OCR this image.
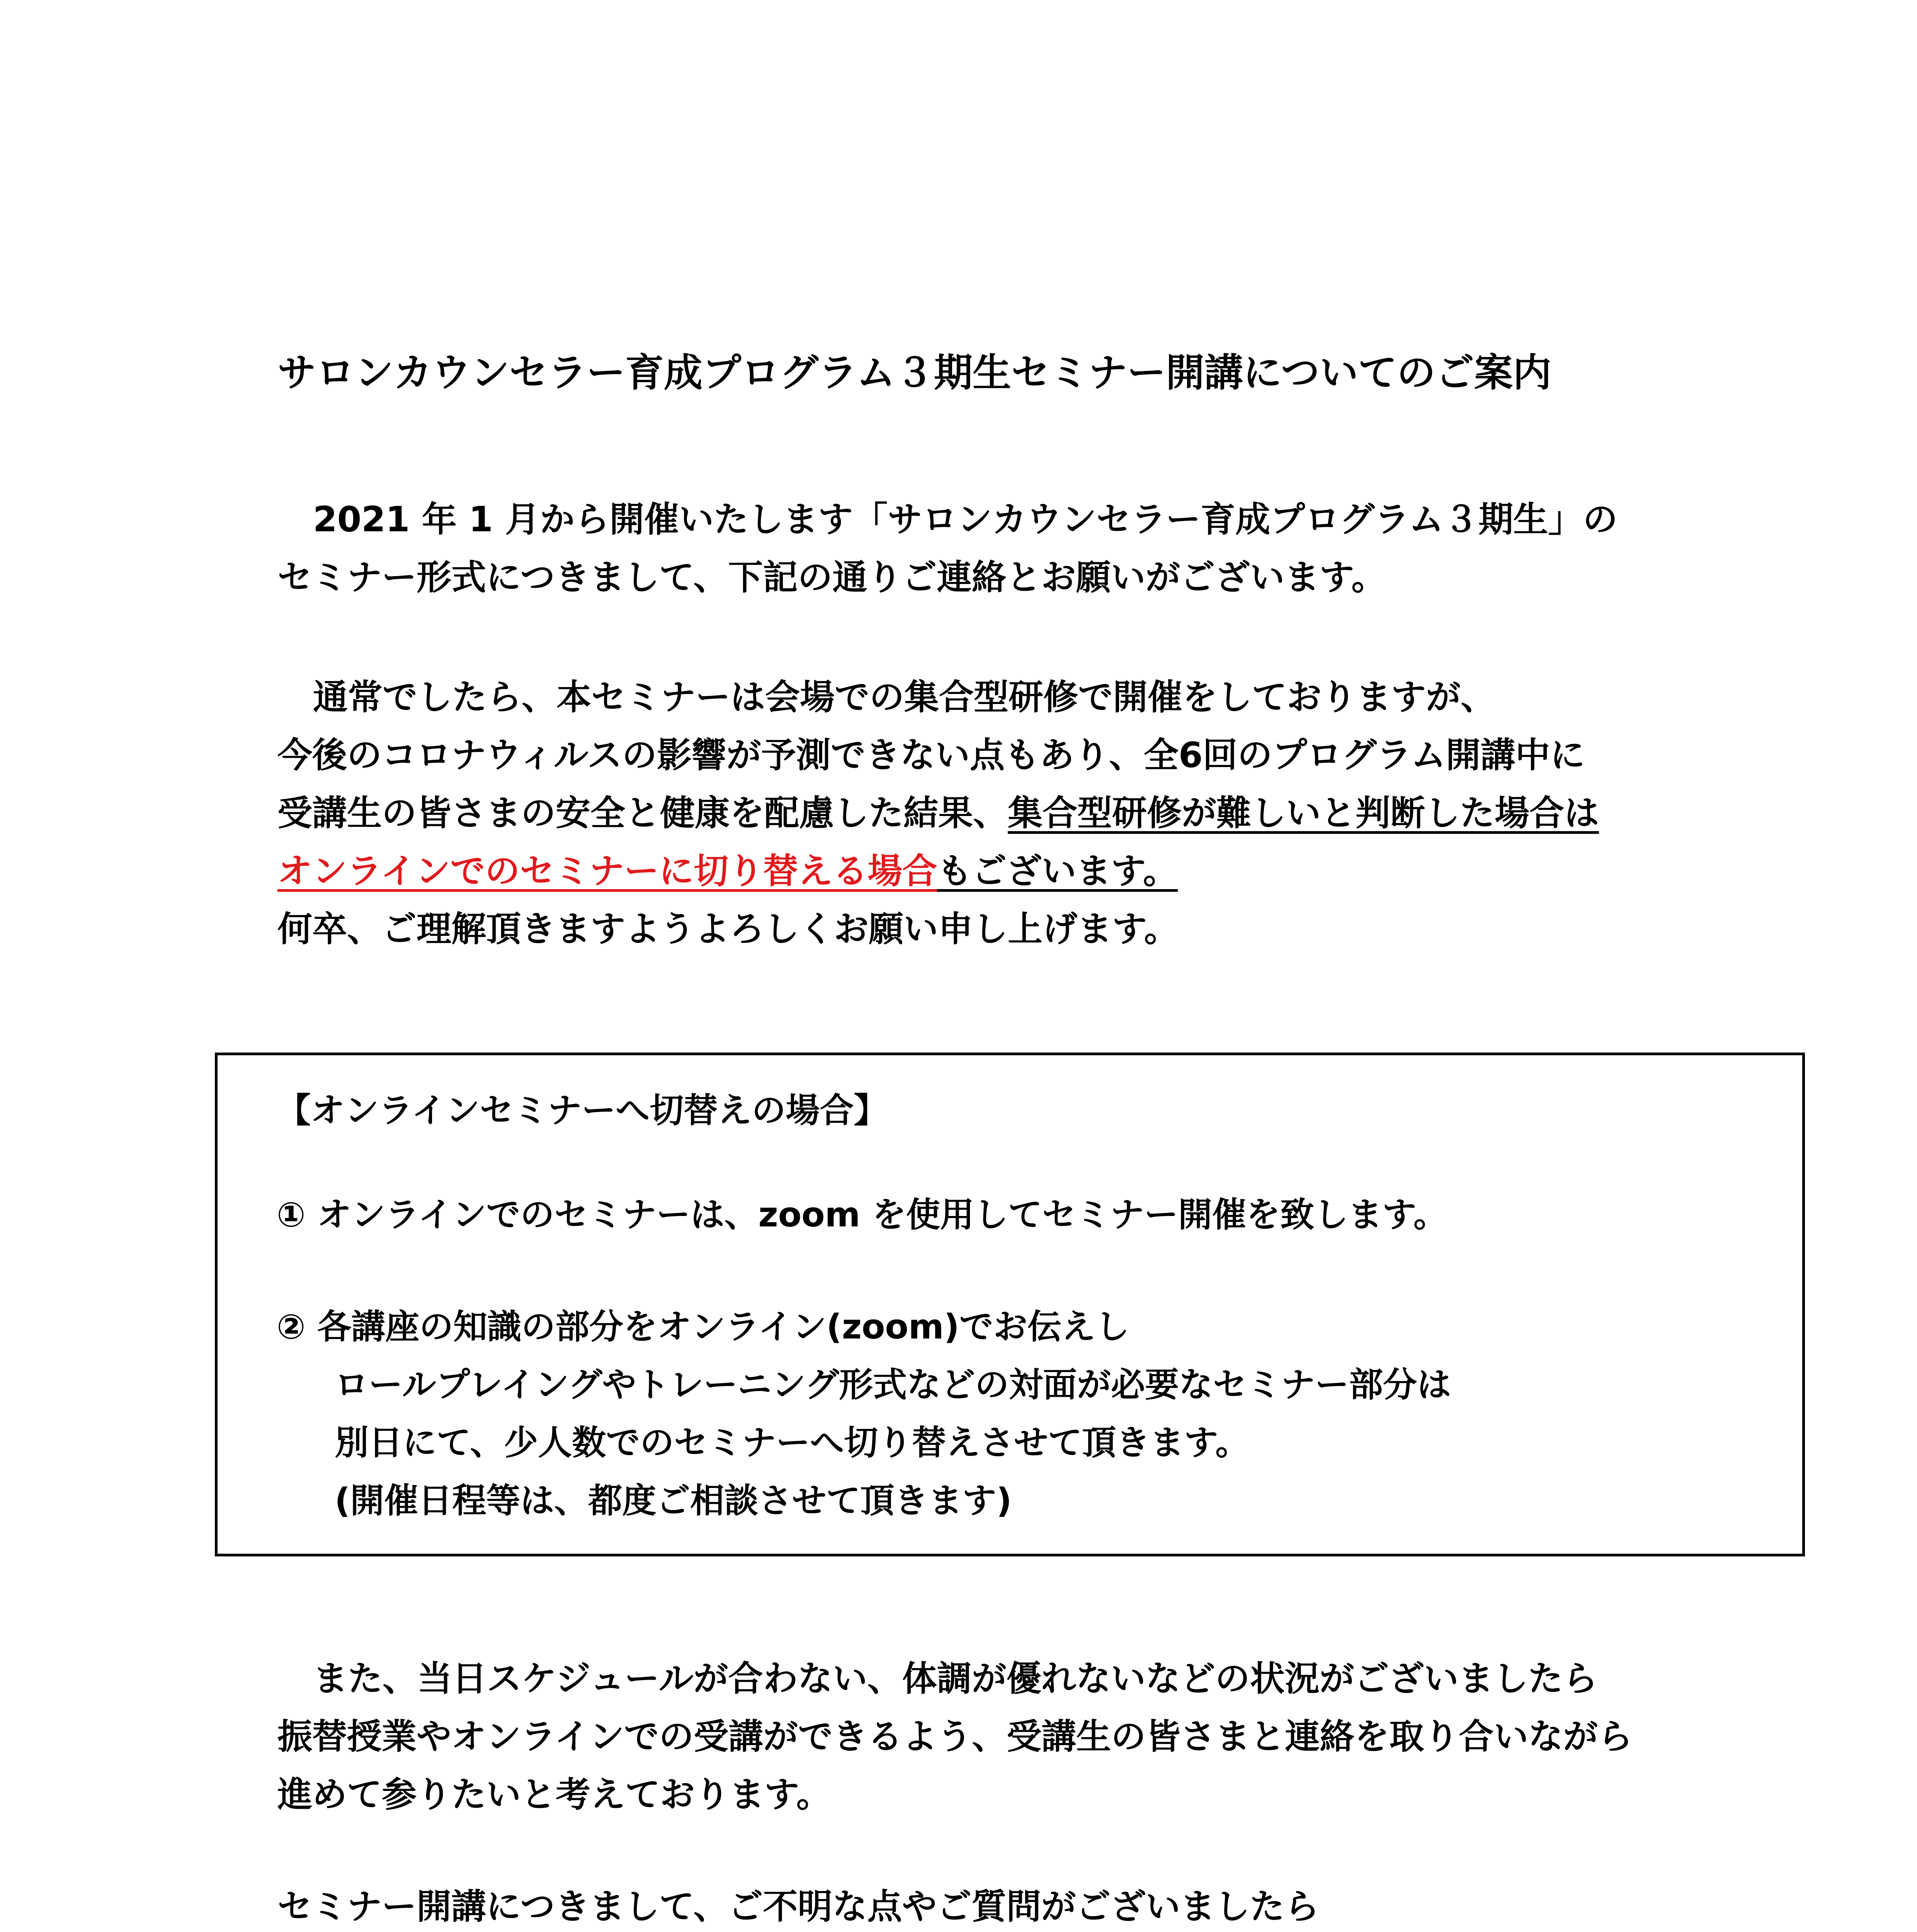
サロンカウンセラー育成プログラム３期生セミナー開講についてのご案内
2021 年 1 月から開催いたします「サロンカウンセラー育成プログラム３期生」の
セミナー形式につきまして、下記の通りご連絡とお願いがございます。
通常でしたら、本セミナーは会場での集合型研修で開催をしておりますが、
今後のコロナウィルスの影響が予測できない点もあり、全6回のプログラム開講中に
受講生の皆さまの安全と健康を配慮した結果、集合型研修が難しいと判断した場合は
オンラインでのセミナーに切り替える場合もございます。
何卒、ご理解頂きますようよろしくお願い申し上げます。
【オンラインセミナーへ切替えの場合】
① オンラインでのセミナーは、zoom を使用してセミナー開催を致します。
② 各講座の知識の部分をオンライン(zoom)でお伝えし
ロールプレイングやトレーニング形式などの対面が必要なセミナー部分は
別日にて、少人数でのセミナーへ切り替えさせて頂きます。
(開催日程等は、都度ご相談させて頂きます)
また、当日スケジュールが合わない、体調が優れないなどの状況がございましたら
振替授業やオンラインでの受講ができるよう、受講生の皆さまと連絡を取り合いながら
進めて参りたいと考えております。
セミナー開講につきまして、ご不明な点やご質問がございましたら
